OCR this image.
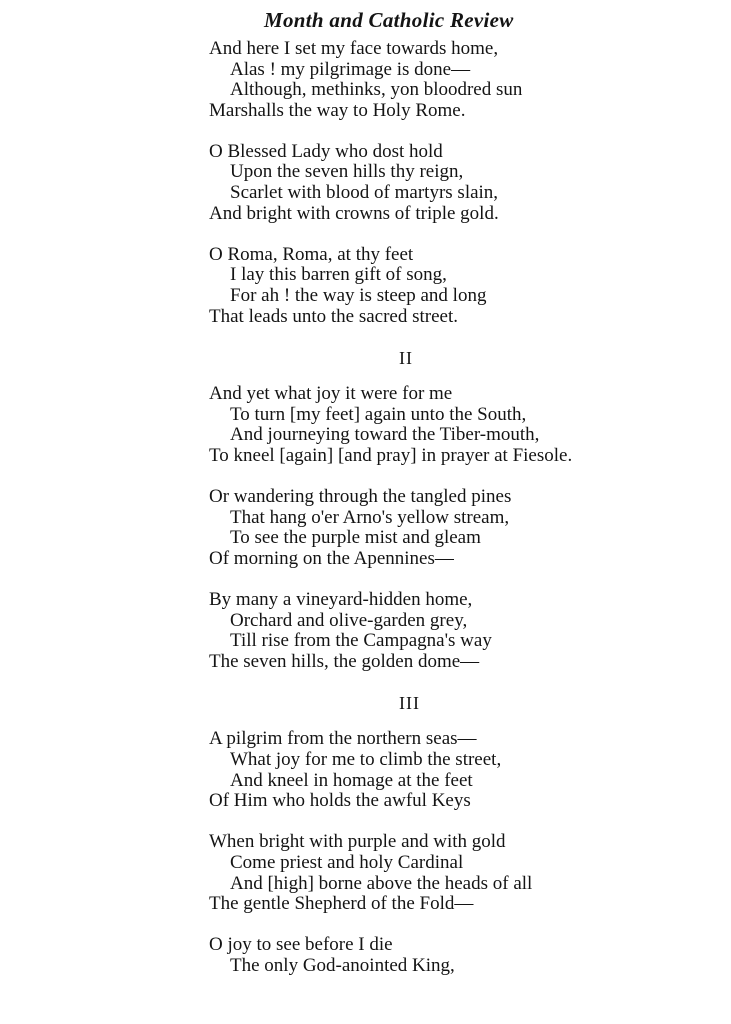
Month and Catholic Review
And here I set my face towards home,
Alas ! my pilgrimage is done—
Although, methinks, yon bloodred sun
Marshalls the way to Holy Rome.
O Blessed Lady who dost hold
Upon the seven hills thy reign,
Scarlet with blood of martyrs slain,
And bright with crowns of triple gold.
O Roma, Roma, at thy feet
I lay this barren gift of song,
For ah ! the way is steep and long
That leads unto the sacred street.
II
And yet what joy it were for me
To turn [my feet] again unto the South,
And journeying toward the Tiber-mouth,
To kneel [again] [and pray] in prayer at Fiesole.
Or wandering through the tangled pines
That hang o'er Arno's yellow stream,
To see the purple mist and gleam
Of morning on the Apennines—
By many a vineyard-hidden home,
Orchard and olive-garden grey,
Till rise from the Campagna's way
The seven hills, the golden dome—
III
A pilgrim from the northern seas—
What joy for me to climb the street,
And kneel in homage at the feet
Of Him who holds the awful Keys
When bright with purple and with gold
Come priest and holy Cardinal
And [high] borne above the heads of all
The gentle Shepherd of the Fold—
O joy to see before I die
The only God-anointed King,
